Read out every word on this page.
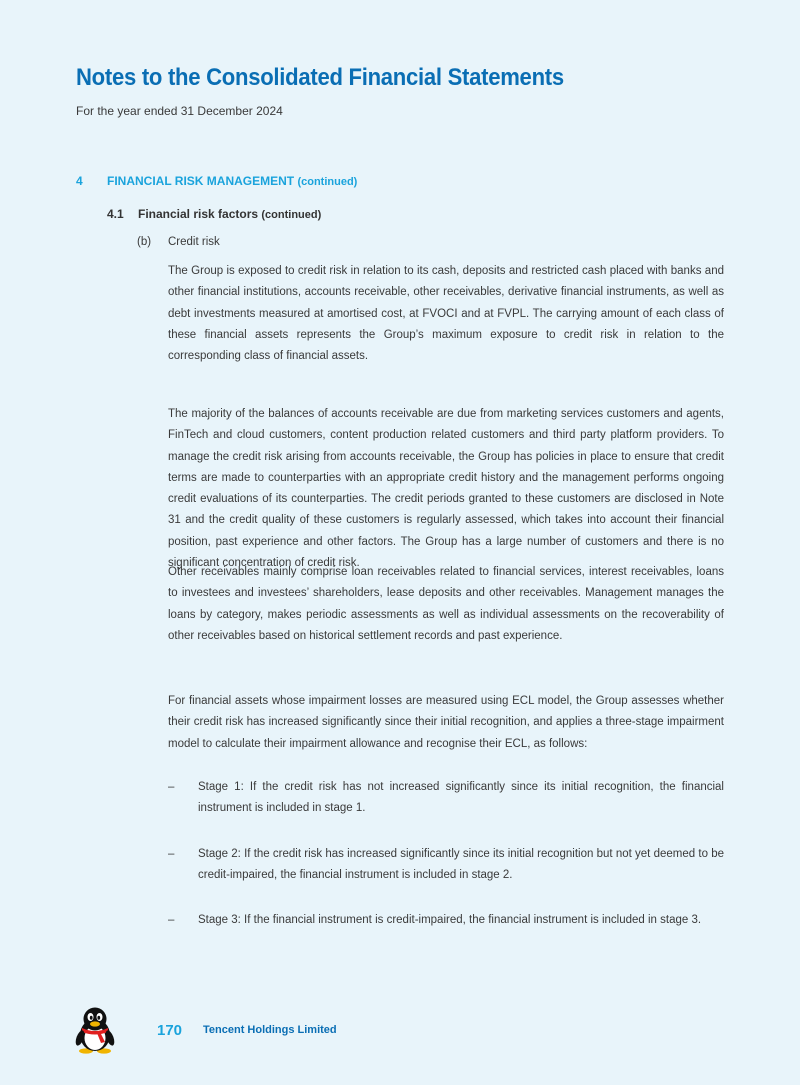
Notes to the Consolidated Financial Statements
For the year ended 31 December 2024
4 FINANCIAL RISK MANAGEMENT (continued)
4.1 Financial risk factors (continued)
(b) Credit risk

The Group is exposed to credit risk in relation to its cash, deposits and restricted cash placed with banks and other financial institutions, accounts receivable, other receivables, derivative financial instruments, as well as debt investments measured at amortised cost, at FVOCI and at FVPL. The carrying amount of each class of these financial assets represents the Group’s maximum exposure to credit risk in relation to the corresponding class of financial assets.

The majority of the balances of accounts receivable are due from marketing services customers and agents, FinTech and cloud customers, content production related customers and third party platform providers. To manage the credit risk arising from accounts receivable, the Group has policies in place to ensure that credit terms are made to counterparties with an appropriate credit history and the management performs ongoing credit evaluations of its counterparties. The credit periods granted to these customers are disclosed in Note 31 and the credit quality of these customers is regularly assessed, which takes into account their financial position, past experience and other factors. The Group has a large number of customers and there is no significant concentration of credit risk.

Other receivables mainly comprise loan receivables related to financial services, interest receivables, loans to investees and investees’ shareholders, lease deposits and other receivables. Management manages the loans by category, makes periodic assessments as well as individual assessments on the recoverability of other receivables based on historical settlement records and past experience.

For financial assets whose impairment losses are measured using ECL model, the Group assesses whether their credit risk has increased significantly since their initial recognition, and applies a three-stage impairment model to calculate their impairment allowance and recognise their ECL, as follows:

– Stage 1: If the credit risk has not increased significantly since its initial recognition, the financial instrument is included in stage 1.
– Stage 2: If the credit risk has increased significantly since its initial recognition but not yet deemed to be credit-impaired, the financial instrument is included in stage 2.
– Stage 3: If the financial instrument is credit-impaired, the financial instrument is included in stage 3.
170 Tencent Holdings Limited
